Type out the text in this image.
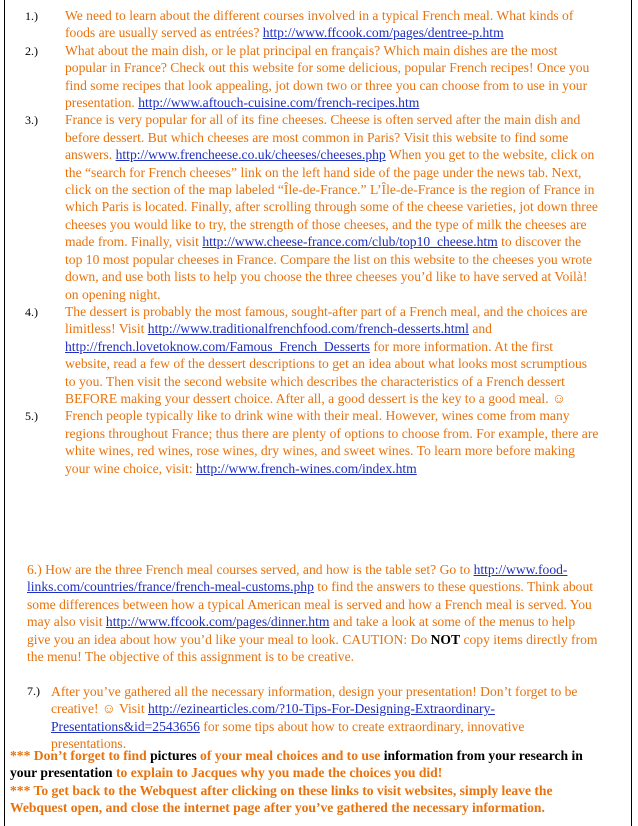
1.) We need to learn about the different courses involved in a typical French meal. What kinds of foods are usually served as entrées? http://www.ffcook.com/pages/dentree-p.htm
2.) What about the main dish, or le plat principal en français? Which main dishes are the most popular in France? Check out this website for some delicious, popular French recipes! Once you find some recipes that look appealing, jot down two or three you can choose from to use in your presentation. http://www.aftouch-cuisine.com/french-recipes.htm
3.) France is very popular for all of its fine cheeses. Cheese is often served after the main dish and before dessert. But which cheeses are most common in Paris? Visit this website to find some answers. http://www.frencheese.co.uk/cheeses/cheeses.php When you get to the website, click on the “search for French cheeses” link on the left hand side of the page under the news tab. Next, click on the section of the map labeled “Île-de-France.” L’Île-de-France is the region of France in which Paris is located. Finally, after scrolling through some of the cheese varieties, jot down three cheeses you would like to try, the strength of those cheeses, and the type of milk the cheeses are made from. Finally, visit http://www.cheese-france.com/club/top10_cheese.htm to discover the top 10 most popular cheeses in France. Compare the list on this website to the cheeses you wrote down, and use both lists to help you choose the three cheeses you’d like to have served at Voilà! on opening night.
4.) The dessert is probably the most famous, sought-after part of a French meal, and the choices are limitless! Visit http://www.traditionalfrenchfood.com/french-desserts.html and http://french.lovetoknow.com/Famous_French_Desserts for more information. At the first website, read a few of the dessert descriptions to get an idea about what looks most scrumptious to you. Then visit the second website which describes the characteristics of a French dessert BEFORE making your dessert choice. After all, a good dessert is the key to a good meal. ☺
5.) French people typically like to drink wine with their meal. However, wines come from many regions throughout France; thus there are plenty of options to choose from. For example, there are white wines, red wines, rose wines, dry wines, and sweet wines. To learn more before making your wine choice, visit: http://www.french-wines.com/index.htm
6.) How are the three French meal courses served, and how is the table set? Go to http://www.food-links.com/countries/france/french-meal-customs.php to find the answers to these questions. Think about some differences between how a typical American meal is served and how a French meal is served. You may also visit http://www.ffcook.com/pages/dinner.htm and take a look at some of the menus to help give you an idea about how you’d like your meal to look. CAUTION: Do NOT copy items directly from the menu! The objective of this assignment is to be creative.
7.) After you’ve gathered all the necessary information, design your presentation! Don’t forget to be creative! ☺ Visit http://ezinearticles.com/?10-Tips-For-Designing-Extraordinary-Presentations&id=2543656 for some tips about how to create extraordinary, innovative presentations.
*** Don’t forget to find pictures of your meal choices and to use information from your research in your presentation to explain to Jacques why you made the choices you did!
*** To get back to the Webquest after clicking on these links to visit websites, simply leave the Webquest open, and close the internet page after you’ve gathered the necessary information.
